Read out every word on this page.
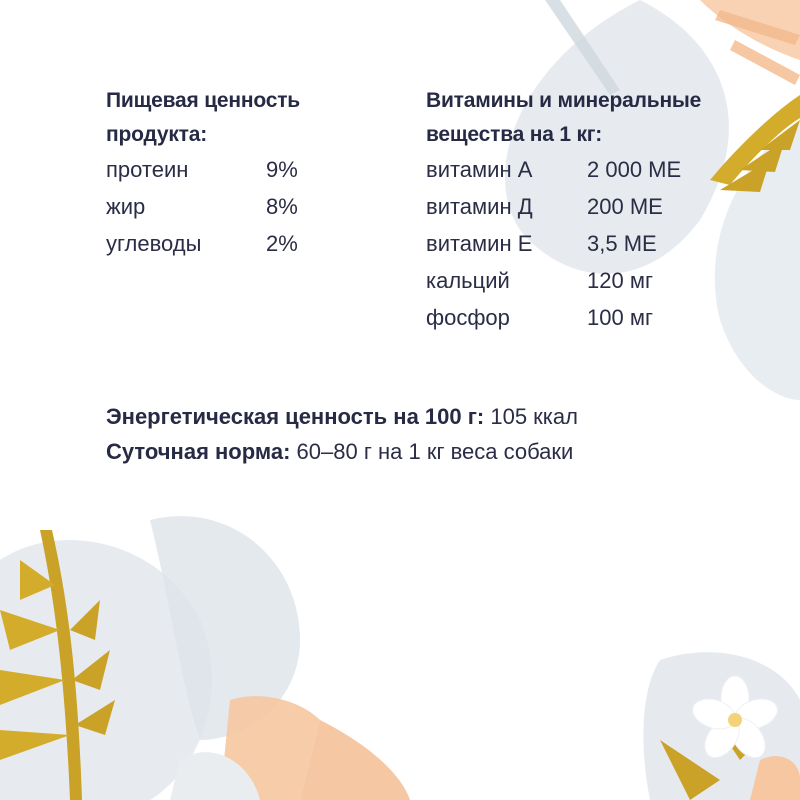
Пищевая ценность
продукта:
протеин	9%
жир	8%
углеводы	2%
Витамины и минеральные
вещества на 1 кг:
витамин А 2 000 МЕ
витамин Д 200 МЕ
витамин Е 3,5 МЕ
кальций	120 мг
фосфор	100 мг
Энергетическая ценность на 100 г: 105 ккал
Суточная норма: 60–80 г на 1 кг веса собаки
